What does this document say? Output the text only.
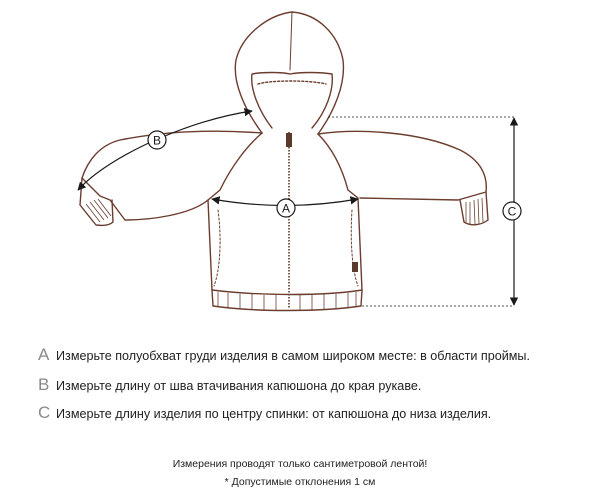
A
B
C
A Измерьте полуобхват груди изделия в самом широком месте: в области проймы.
B Измерьте длину от шва втачивания капюшона до края рукаве.
C Измерьте длину изделия по центру спинки: от капюшона до низа изделия.
Измерения проводят только сантиметровой лентой!
* Допустимые отклонения 1 см
